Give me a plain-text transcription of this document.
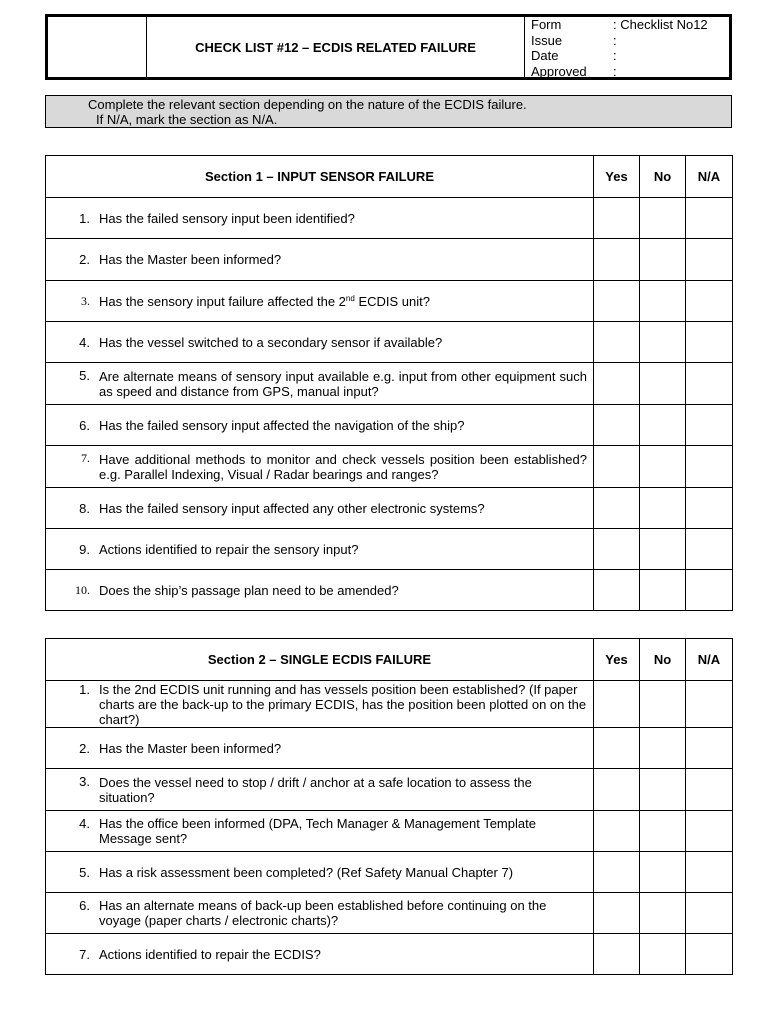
CHECK LIST #12 – ECDIS RELATED FAILURE
Form	: Checklist No12
Issue	:
Date	:
Approved	:
Complete the relevant section depending on the nature of the ECDIS failure.
If N/A, mark the section as N/A.
Section 1 – INPUT SENSOR FAILURE	Yes	No	N/A

1. Has the failed sensory input been identified?			

2. Has the Master been informed?			

3. Has the sensory input failure affected the 2nd ECDIS unit?			

4. Has the vessel switched to a secondary sensor if available?			

5. Are alternate means of sensory input available e.g. input from other equipment such as speed and distance from GPS, manual input?			

6. Has the failed sensory input affected the navigation of the ship?			

7. Have additional methods to monitor and check vessels position been established? e.g. Parallel Indexing, Visual / Radar bearings and ranges?			

8. Has the failed sensory input affected any other electronic systems?			

9. Actions identified to repair the sensory input?			

10. Does the ship’s passage plan need to be amended?			
Section 2 – SINGLE ECDIS FAILURE	Yes	No	N/A

1. Is the 2nd ECDIS unit running and has vessels position been established? (If paper charts are the back-up to the primary ECDIS, has the position been plotted on on the chart?)			

2. Has the Master been informed?			

3. Does the vessel need to stop / drift / anchor at a safe location to assess the situation?			

4. Has the office been informed (DPA, Tech Manager & Management Template Message sent?			

5. Has a risk assessment been completed? (Ref Safety Manual Chapter 7)			

6. Has an alternate means of back-up been established before continuing on the voyage (paper charts / electronic charts)?			

7. Actions identified to repair the ECDIS?			
